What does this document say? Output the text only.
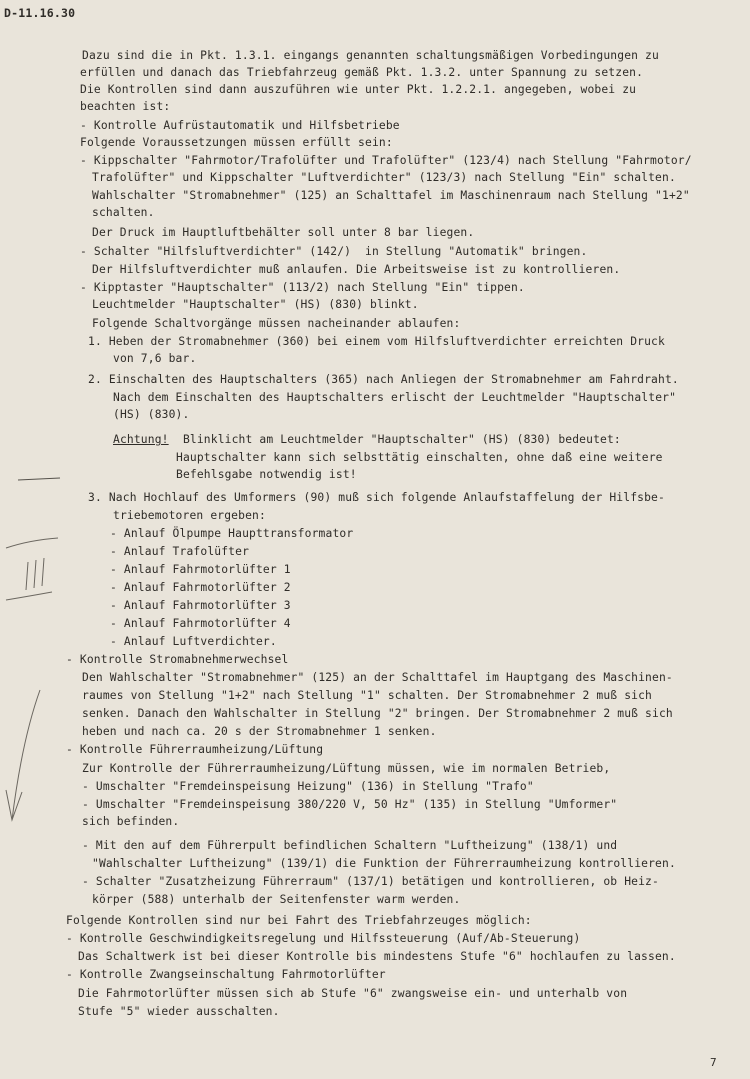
D-11.16.30
Dazu sind die in Pkt. 1.3.1. eingangs genannten schaltungsmäßigen Vorbedingungen zu
erfüllen und danach das Triebfahrzeug gemäß Pkt. 1.3.2. unter Spannung zu setzen.
Die Kontrollen sind dann auszuführen wie unter Pkt. 1.2.2.1. angegeben, wobei zu
beachten ist:
- Kontrolle Aufrüstautomatik und Hilfsbetriebe
Folgende Voraussetzungen müssen erfüllt sein:
- Kippschalter "Fahrmotor/Trafolüfter und Trafolüfter" (123/4) nach Stellung "Fahrmotor/
Trafolüfter" und Kippschalter "Luftverdichter" (123/3) nach Stellung "Ein" schalten.
Wahlschalter "Stromabnehmer" (125) an Schalttafel im Maschinenraum nach Stellung "1+2"
schalten.
Der Druck im Hauptluftbehälter soll unter 8 bar liegen.
- Schalter "Hilfsluftverdichter" (142/)  in Stellung "Automatik" bringen.
Der Hilfsluftverdichter muß anlaufen. Die Arbeitsweise ist zu kontrollieren.
- Kipptaster "Hauptschalter" (113/2) nach Stellung "Ein" tippen.
Leuchtmelder "Hauptschalter" (HS) (830) blinkt.
Folgende Schaltvorgänge müssen nacheinander ablaufen:
1. Heben der Stromabnehmer (360) bei einem vom Hilfsluftverdichter erreichten Druck
von 7,6 bar.
2. Einschalten des Hauptschalters (365) nach Anliegen der Stromabnehmer am Fahrdraht.
Nach dem Einschalten des Hauptschalters erlischt der Leuchtmelder "Hauptschalter"
(HS) (830).
Achtung! Blinklicht am Leuchtmelder "Hauptschalter" (HS) (830) bedeutet:
Hauptschalter kann sich selbsttätig einschalten, ohne daß eine weitere
Befehlsgabe notwendig ist!
3. Nach Hochlauf des Umformers (90) muß sich folgende Anlaufstaffelung der Hilfsbe-
triebemotoren ergeben:
- Anlauf Ölpumpe Haupttransformator
- Anlauf Trafolüfter
- Anlauf Fahrmotorlüfter 1
- Anlauf Fahrmotorlüfter 2
- Anlauf Fahrmotorlüfter 3
- Anlauf Fahrmotorlüfter 4
- Anlauf Luftverdichter.
- Kontrolle Stromabnehmerwechsel
Den Wahlschalter "Stromabnehmer" (125) an der Schalttafel im Hauptgang des Maschinen-
raumes von Stellung "1+2" nach Stellung "1" schalten. Der Stromabnehmer 2 muß sich
senken. Danach den Wahlschalter in Stellung "2" bringen. Der Stromabnehmer 2 muß sich
heben und nach ca. 20 s der Stromabnehmer 1 senken.
- Kontrolle Führerraumheizung/Lüftung
Zur Kontrolle der Führerraumheizung/Lüftung müssen, wie im normalen Betrieb,
- Umschalter "Fremdeinspeisung Heizung" (136) in Stellung "Trafo"
- Umschalter "Fremdeinspeisung 380/220 V, 50 Hz" (135) in Stellung "Umformer"
sich befinden.
- Mit den auf dem Führerpult befindlichen Schaltern "Luftheizung" (138/1) und
"Wahlschalter Luftheizung" (139/1) die Funktion der Führerraumheizung kontrollieren.
- Schalter "Zusatzheizung Führerraum" (137/1) betätigen und kontrollieren, ob Heiz-
körper (588) unterhalb der Seitenfenster warm werden.
Folgende Kontrollen sind nur bei Fahrt des Triebfahrzeuges möglich:
- Kontrolle Geschwindigkeitsregelung und Hilfssteuerung (Auf/Ab-Steuerung)
Das Schaltwerk ist bei dieser Kontrolle bis mindestens Stufe "6" hochlaufen zu lassen.
- Kontrolle Zwangseinschaltung Fahrmotorlüfter
Die Fahrmotorlüfter müssen sich ab Stufe "6" zwangsweise ein- und unterhalb von
Stufe "5" wieder ausschalten.
7
